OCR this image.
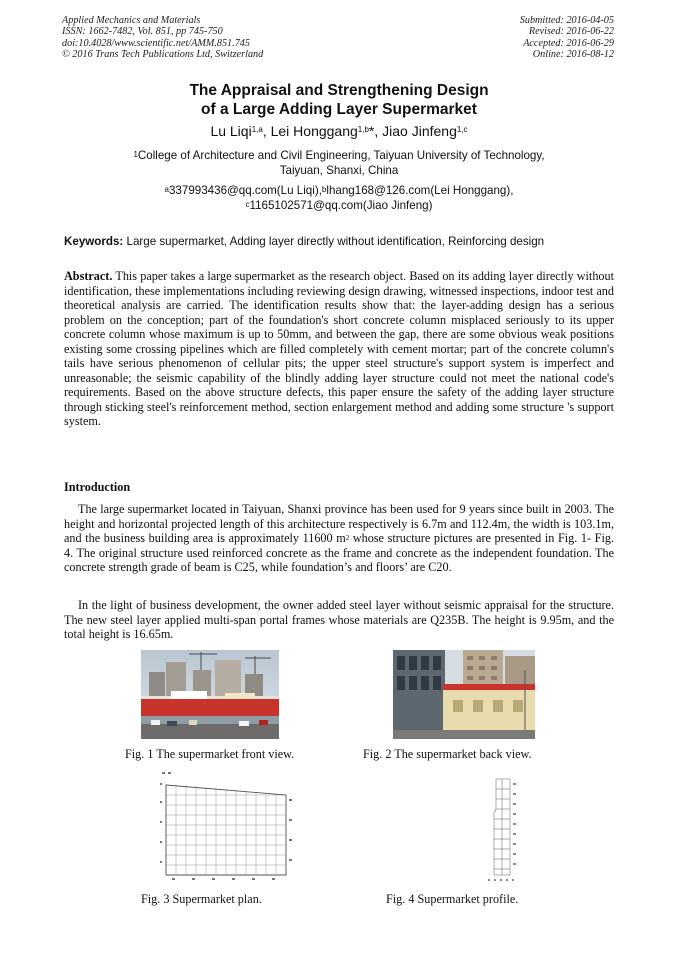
Applied Mechanics and Materials
ISSN: 1662-7482, Vol. 851, pp 745-750
doi:10.4028/www.scientific.net/AMM.851.745
© 2016 Trans Tech Publications Ltd, Switzerland
Submitted: 2016-04-05
Revised: 2016-06-22
Accepted: 2016-06-29
Online: 2016-08-12
The Appraisal and Strengthening Design
of a Large Adding Layer Supermarket
Lu Liqi$^{1,a}$, Lei Honggang$^{1,b}$*, Jiao Jinfeng$^{1,c}$
$^1$College of Architecture and Civil Engineering, Taiyuan University of Technology,
Taiyuan, Shanxi, China
$^a$337993436@qq.com(Lu Liqi),$^b$lhang168@126.com(Lei Honggang),
$^c$1165102571@qq.com(Jiao Jinfeng)
Keywords: Large supermarket, Adding layer directly without identification, Reinforcing design
Abstract. This paper takes a large supermarket as the research object. Based on its adding layer directly without identification, these implementations including reviewing design drawing, witnessed inspections, indoor test and theoretical analysis are carried. The identification results show that: the layer-adding design has a serious problem on the conception; part of the foundation's short concrete column misplaced seriously to its upper concrete column whose maximum is up to 50mm, and between the gap, there are some obvious weak positions existing some crossing pipelines which are filled completely with cement mortar; part of the concrete column's tails have serious phenomenon of cellular pits; the upper steel structure's support system is imperfect and unreasonable; the seismic capability of the blindly adding layer structure could not meet the national code's requirements. Based on the above structure defects, this paper ensure the safety of the adding layer structure through sticking steel's reinforcement method, section enlargement method and adding some structure 's support system.
Introduction
The large supermarket located in Taiyuan, Shanxi province has been used for 9 years since built in 2003. The height and horizontal projected length of this architecture respectively is 6.7m and 112.4m, the width is 103.1m, and the business building area is approximately 11600 $m^2$ whose structure pictures are presented in Fig. 1- Fig. 4. The original structure used reinforced concrete as the frame and concrete as the independent foundation. The concrete strength grade of beam is C25, while foundation’s and floors’ are C20.
In the light of business development, the owner added steel layer without seismic appraisal for the structure. The new steel layer applied multi-span portal frames whose materials are Q235B. The height is 9.95m, and the total height is 16.65m.
Fig. 1 The supermarket front view.	Fig. 2 The supermarket back view.
Fig. 3 Supermarket plan.	Fig. 4 Supermarket profile.
